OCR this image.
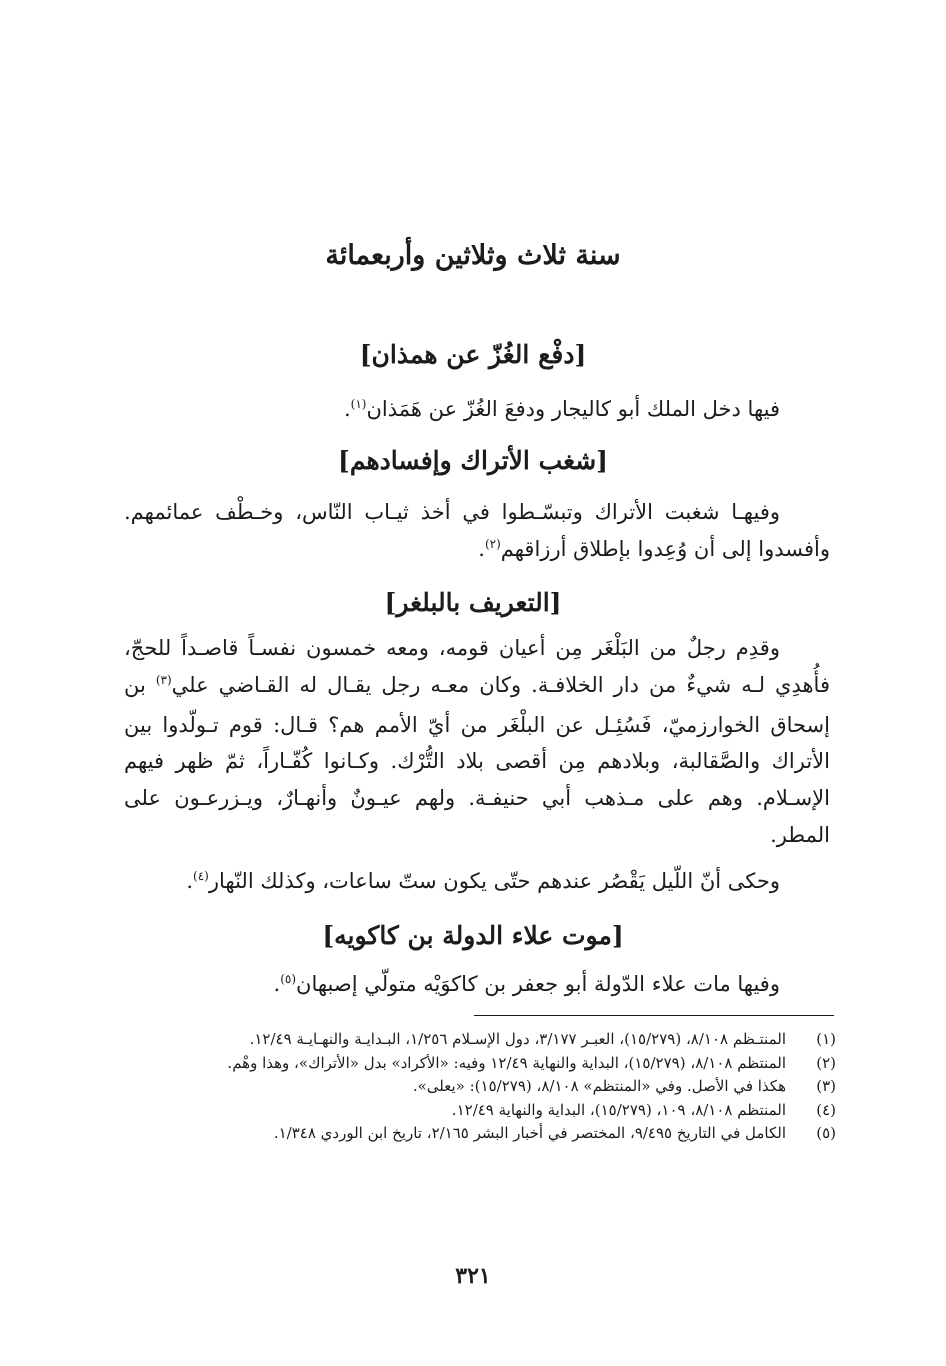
سنة ثلاث وثلاثين وأربعمائة
[دفْع الغُزّ عن همذان]
فيها دخل الملك أبو كاليجار ودفعَ الغُزّ عن هَمَذان$^{(١)}$.
[شغب الأتراك وإفسادهم]
وفيهـا شغبت الأتراك وتبسّـطوا في أخذ ثيـاب النّاس، وخـطْف عمائمهم. وأفسدوا إلى أن وُعِدوا بإطلاق أرزاقهم$^{(٢)}$.
[التعريف بالبلغر]
وقدِم رجلٌ من البَلْغَر مِن أعيان قومه، ومعه خمسون نفسـاً قاصـداً للحجّ، فأُهدِي لـه شيءٌ من دار الخلافـة. وكان معـه رجل يقـال له القـاضي علي$^{(٣)}$ بن إسحاق الخوارزميّ، فَسُئِـل عن البلْغَر من أيّ الأمم هم؟ قـال: قوم تـولّدوا بين الأتراك والصَّقالبة، وبلادهم مِن أقصى بلاد التُّرْك. وكـانوا كُفّـاراً، ثمّ ظهر فيهم الإسـلام. وهم على مـذهب أبي حنيفـة. ولهم عيـونٌ وأنهـارٌ، ويـزرعـون على المطر.
وحكى أنّ اللّيل يَقْصُر عندهم حتّى يكون ستّ ساعات، وكذلك النّهار$^{(٤)}$.
[موت علاء الدولة بن كاكويه]
وفيها مات علاء الدّولة أبو جعفر بن كاكوَيْه متولّي إصبهان$^{(٥)}$.
(١)
المنتـظم ٨/١٠٨، (١٥/٢٧٩)، العبـر ٣/١٧٧، دول الإسـلام ١/٢٥٦، البـدايـة والنهـايـة ١٢/٤٩.
(٢)
المنتظم ٨/١٠٨، (١٥/٢٧٩)، البداية والنهاية ١٢/٤٩ وفيه: «الأكراد» بدل «الأتراك»، وهذا وهْم.
(٣)
هكذا في الأصل. وفي «المنتظم» ٨/١٠٨، (١٥/٢٧٩): «يعلى».
(٤)
المنتظم ٨/١٠٨، ١٠٩، (١٥/٢٧٩)، البداية والنهاية ١٢/٤٩.
(٥)
الكامل في التاريخ ٩/٤٩٥، المختصر في أخبار البشر ٢/١٦٥، تاريخ ابن الوردي ١/٣٤٨.
٣٢١
